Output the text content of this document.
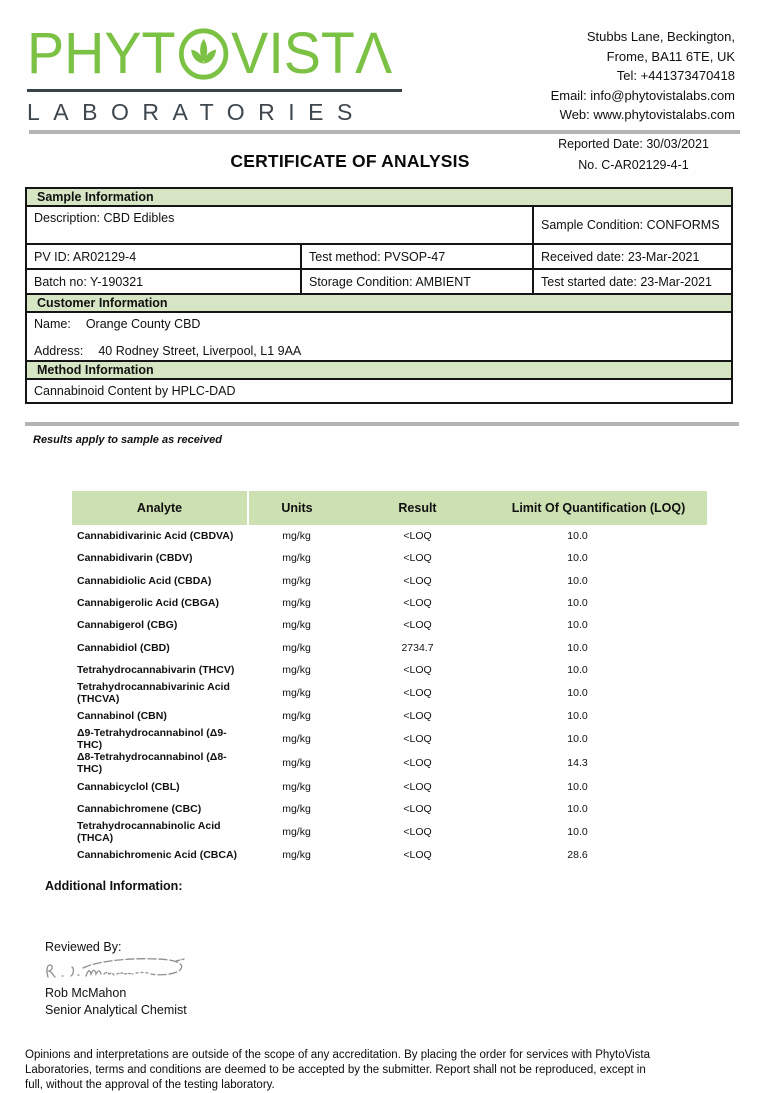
PHYT VIST Λ
LABORATORIES
Stubbs Lane, Beckington,
Frome, BA11 6TE, UK
Tel: +441373470418
Email: info@phytovistalabs.com
Web: www.phytovistalabs.com
CERTIFICATE OF ANALYSIS
Reported Date: 30/03/2021
No. C-AR02129-4-1
Sample Information		
Description: CBD Edibles		Sample Condition: CONFORMS
PV ID: AR02129-4	Test method: PVSOP-47	Received date: 23-Mar-2021
Batch no: Y-190321	Storage Condition: AMBIENT	Test started date: 23-Mar-2021
Customer Information		

Name: Orange County CBD
Address: 40 Rodney Street, Liverpool, L1 9AA		

Method Information		
Cannabinoid Content by HPLC-DAD		
Results apply to sample as received
Analyte	Units	Result	Limit Of Quantification (LOQ)
Cannabidivarinic Acid (CBDVA)	mg/kg	<LOQ	10.0
Cannabidivarin (CBDV)	mg/kg	<LOQ	10.0
Cannabidiolic Acid (CBDA)	mg/kg	<LOQ	10.0
Cannabigerolic Acid (CBGA)	mg/kg	<LOQ	10.0
Cannabigerol (CBG)	mg/kg	<LOQ	10.0
Cannabidiol (CBD)	mg/kg	2734.7	10.0
Tetrahydrocannabivarin (THCV)	mg/kg	<LOQ	10.0
Tetrahydrocannabivarinic Acid (THCVA)	mg/kg	<LOQ	10.0
Cannabinol (CBN)	mg/kg	<LOQ	10.0
Δ9-Tetrahydrocannabinol (Δ9-THC)	mg/kg	<LOQ	10.0
Δ8-Tetrahydrocannabinol (Δ8-THC)	mg/kg	<LOQ	14.3
Cannabicyclol (CBL)	mg/kg	<LOQ	10.0
Cannabichromene (CBC)	mg/kg	<LOQ	10.0
Tetrahydrocannabinolic Acid (THCA)	mg/kg	<LOQ	10.0
Cannabichromenic Acid (CBCA)	mg/kg	<LOQ	28.6
Additional Information:
Reviewed By:
Rob McMahon
Senior Analytical Chemist
Opinions and interpretations are outside of the scope of any accreditation. By placing the order for services with PhytoVista Laboratories, terms and conditions are deemed to be accepted by the submitter. Report shall not be reproduced, except in full, without the approval of the testing laboratory.
